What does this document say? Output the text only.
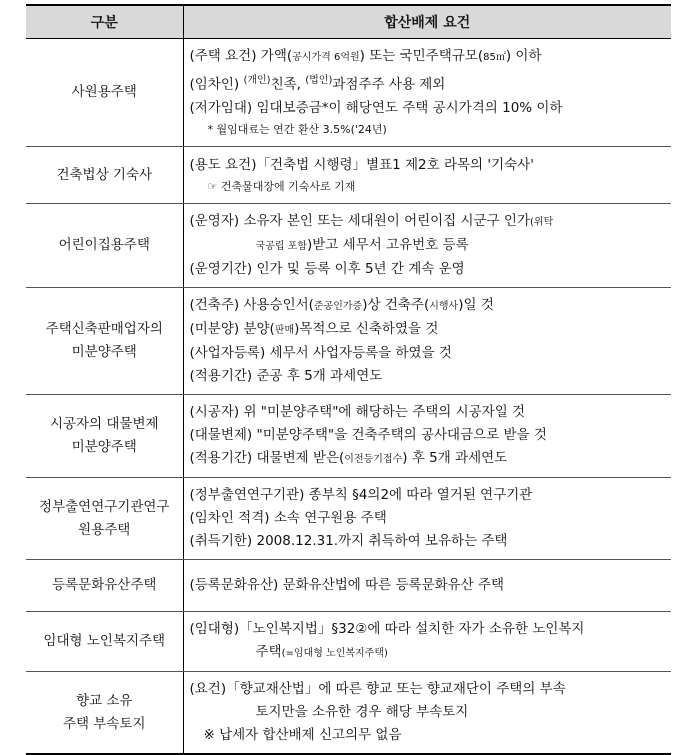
구분	합산배제 요건
사원용주택	(주택 요건) 가액(공시가격 6억원) 또는 국민주택규모(85㎡) 이하
(임차인) $^{(개인)}$친족, $^{(법인)}$과점주주 사용 제외
(저가임대) 임대보증금*이 해당연도 주택 공시가격의 10% 이하
* 월임대료는 연간 환산 3.5%('24년)

건축법상 기숙사	(용도 요건)「건축법 시행령」별표1 제2호 라목의 '기숙사'
☞ 건축물대장에 기숙사로 기재

어린이집용주택	(운영자) 소유자 본인 또는 세대원이 어린이집 시군구 인가(위탁
국공립 포함)받고 세무서 고유번호 등록
(운영기간) 인가 및 등록 이후 5년 간 계속 운영

주택신축판매업자의
미분양주택	(건축주) 사용승인서(준공인가증)상 건축주(시행사)일 것
(미분양) 분양(판매)목적으로 신축하였을 것
(사업자등록) 세무서 사업자등록을 하였을 것
(적용기간) 준공 후 5개 과세연도

시공자의 대물변제
미분양주택	(시공자) 위 "미분양주택"에 해당하는 주택의 시공자일 것
(대물변제) "미분양주택"을 건축주택의 공사대금으로 받을 것
(적용기간) 대물변제 받은(이전등기접수) 후 5개 과세연도

정부출연연구기관연구
원용주택	(정부출연연구기관) 종부칙 §4의2에 따라 열거된 연구기관
(임차인 적격) 소속 연구원용 주택
(취득기한) 2008.12.31.까지 취득하여 보유하는 주택

등록문화유산주택	(등록문화유산) 문화유산법에 따른 등록문화유산 주택

임대형 노인복지주택	(임대형)「노인복지법」§32②에 따라 설치한 자가 소유한 노인복지
주택(=임대형 노인복지주택)

향교 소유
주택 부속토지	(요건)「향교재산법」에 따른 향교 또는 향교재단이 주택의 부속
토지만을 소유한 경우 해당 부속토지
※ 납세자 합산배제 신고의무 없음
